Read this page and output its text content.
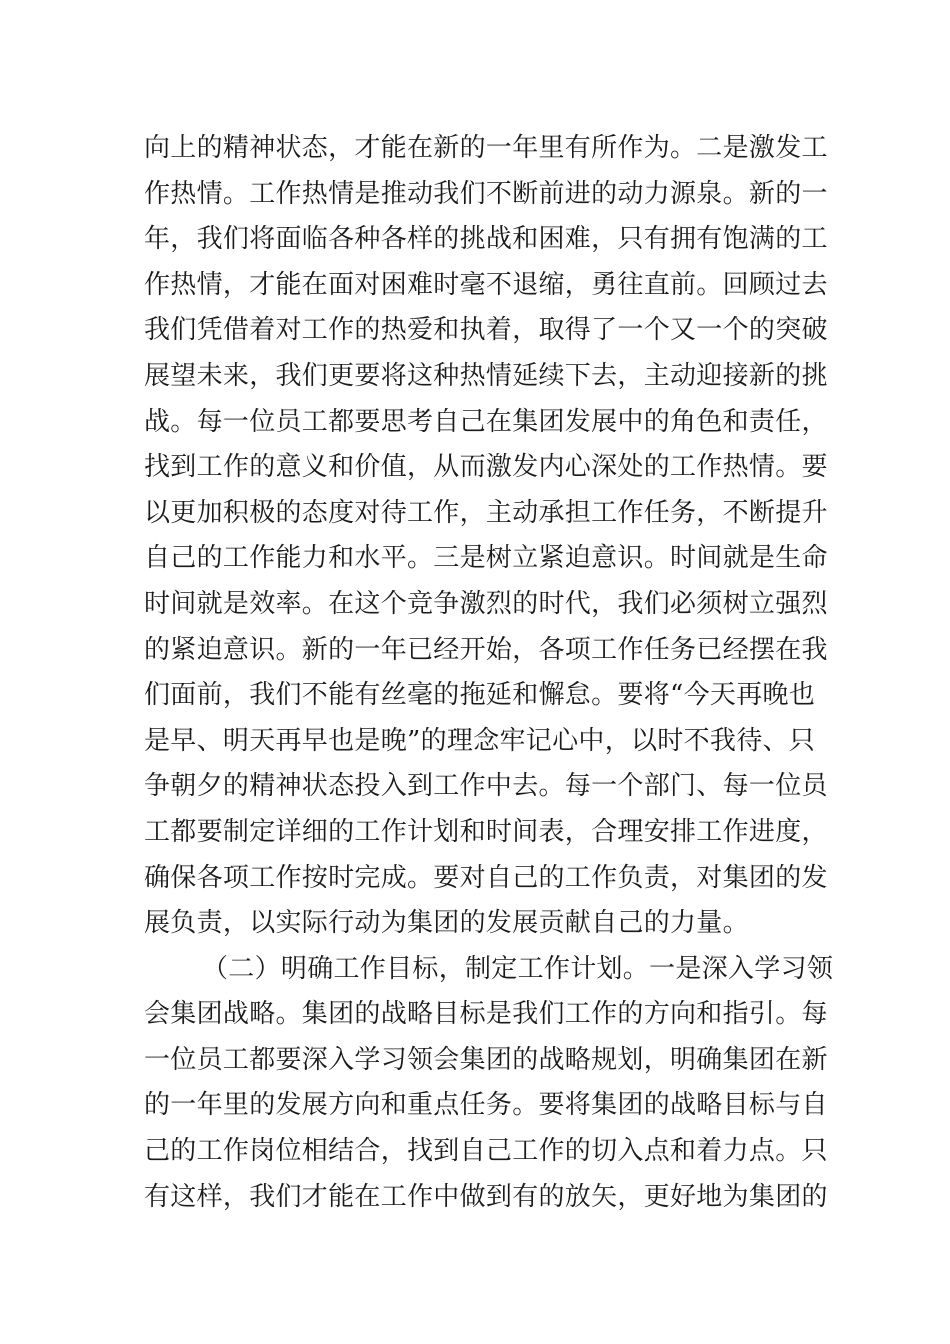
向上的精神状态，才能在新的一年里有所作为。二是激发工
作热情。工作热情是推动我们不断前进的动力源泉。新的一
年，我们将面临各种各样的挑战和困难，只有拥有饱满的工
作热情，才能在面对困难时毫不退缩，勇往直前。回顾过去
我们凭借着对工作的热爱和执着，取得了一个又一个的突破
展望未来，我们更要将这种热情延续下去，主动迎接新的挑
战。每一位员工都要思考自己在集团发展中的角色和责任，
找到工作的意义和价值，从而激发内心深处的工作热情。要
以更加积极的态度对待工作，主动承担工作任务，不断提升
自己的工作能力和水平。三是树立紧迫意识。时间就是生命
时间就是效率。在这个竞争激烈的时代，我们必须树立强烈
的紧迫意识。新的一年已经开始，各项工作任务已经摆在我
们面前，我们不能有丝毫的拖延和懈怠。要将“今天再晚也
是早、明天再早也是晚”的理念牢记心中，以时不我待、只
争朝夕的精神状态投入到工作中去。每一个部门、每一位员
工都要制定详细的工作计划和时间表，合理安排工作进度，
确保各项工作按时完成。要对自己的工作负责，对集团的发
展负责，以实际行动为集团的发展贡献自己的力量。
（二）明确工作目标，制定工作计划。一是深入学习领
会集团战略。集团的战略目标是我们工作的方向和指引。每
一位员工都要深入学习领会集团的战略规划，明确集团在新
的一年里的发展方向和重点任务。要将集团的战略目标与自
己的工作岗位相结合，找到自己工作的切入点和着力点。只
有这样，我们才能在工作中做到有的放矢，更好地为集团的
